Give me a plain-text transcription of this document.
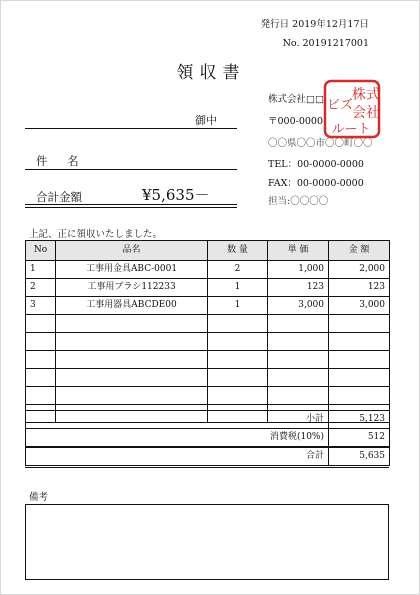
発行日 2019年12月17日
No. 20191217001
領収書
御中
件 名
合計金額	¥5,635－
株式会社□□
〒000-0000
〇〇県〇〇市〇〇町〇〇
TEL：00-0000-0000
FAX：00-0000-0000
担当:〇〇〇〇
株式
会社
ビズ
ルート
上記、正に領収いたしました。
No	品名	数 量	単 価	金 額
1	工事用金具ABC-0001	2	1,000	2,000
2	工事用ブラシ112233	1	123	123
3	工事用器具ABCDE00	1	3,000	3,000

小計	5,123
消費税(10%)	512
合計	5,635
備考
